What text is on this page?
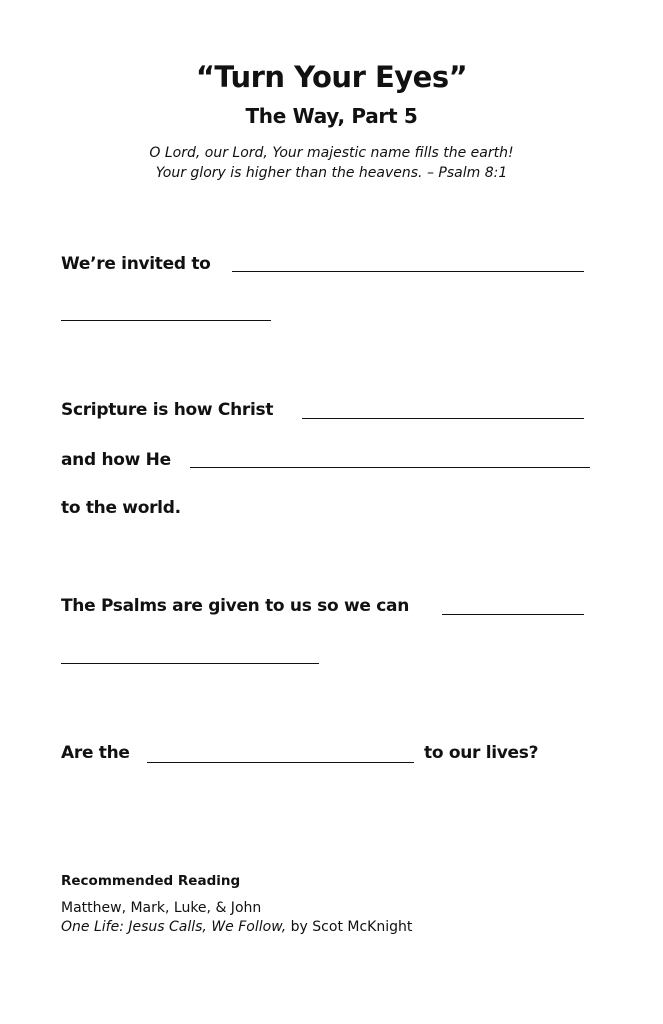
“Turn Your Eyes”
The Way, Part 5
O Lord, our Lord, Your majestic name fills the earth!
Your glory is higher than the heavens. – Psalm 8:1
We’re invited to
Scripture is how Christ
and how He
to the world.
The Psalms are given to us so we can
Are the	to our lives?
Recommended Reading
Matthew, Mark, Luke, & John
One Life: Jesus Calls, We Follow, by Scot McKnight
